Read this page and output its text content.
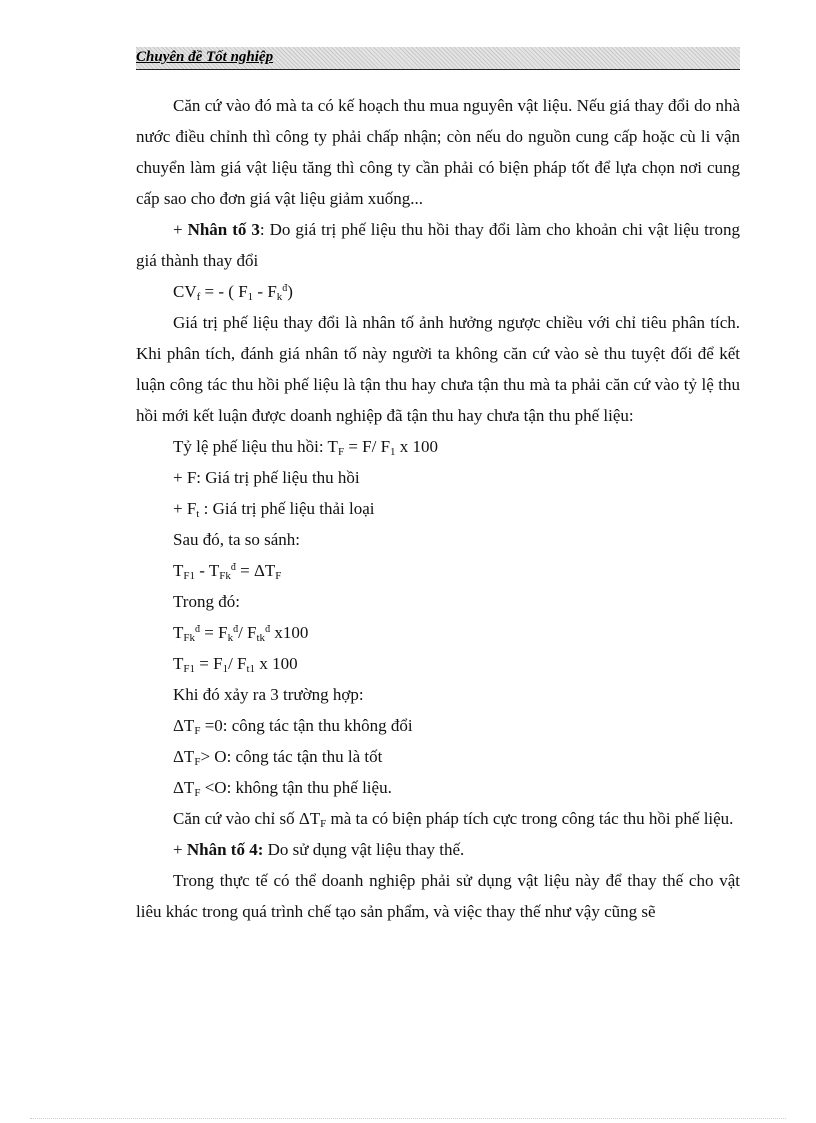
Chuyên đề Tốt nghiệp

Căn cứ vào đó mà ta có kế hoạch thu mua nguyên vật liệu. Nếu giá thay đổi do nhà nước điều chỉnh thì công ty phải chấp nhận; còn nếu do nguồn cung cấp hoặc cù li vận chuyển làm giá vật liệu tăng thì công ty cần phải có biện pháp tốt để lựa chọn nơi cung cấp sao cho đơn giá vật liệu giảm xuống...

+ Nhân tố 3: Do giá trị phế liệu thu hồi thay đổi làm cho khoản chi vật liệu trong giá thành thay đổi

$CV_f$ = - ( $F_1 - F_k^đ$)

Giá trị phế liệu thay đổi là nhân tố ảnh hưởng ngược chiều với chỉ tiêu phân tích. Khi phân tích, đánh giá nhân tố này người ta không căn cứ vào sè thu tuyệt đối để kết luận công tác thu hồi phế liệu là tận thu hay chưa tận thu mà ta phải căn cứ vào tỷ lệ thu hồi mới kết luận được doanh nghiệp đã tận thu hay chưa tận thu phế liệu:

Tỷ lệ phế liệu thu hồi: $T_F = F/$ $F_1$ x 100
+ F: Giá trị phế liệu thu hồi
+ $F_t$ : Giá trị phế liệu thải loại
Sau đó, ta so sánh:
$T_{F1} - T_{Fk}^đ = \Delta T_F$
Trong đó:
$T_{Fk}^đ = F_k^đ/$ $F_{tk}^đ$ x100
$T_{F1} = F_1/$ $F_{t1}$ x 100
Khi đó xảy ra 3 trường hợp:
$\Delta T_F =0$: công tác tận thu không đổi
$\Delta T_F> O$: công tác tận thu là tốt
$\Delta T_F <O$: không tận thu phế liệu.

Căn cứ vào chỉ số $\Delta T_F$ mà ta có biện pháp tích cực trong công tác thu hồi phế liệu.

+ Nhân tố 4: Do sử dụng vật liệu thay thế.

Trong thực tế có thể doanh nghiệp phải sử dụng vật liệu này để thay thế cho vật liêu khác trong quá trình chế tạo sản phẩm, và việc thay thế như vậy cũng sẽ
